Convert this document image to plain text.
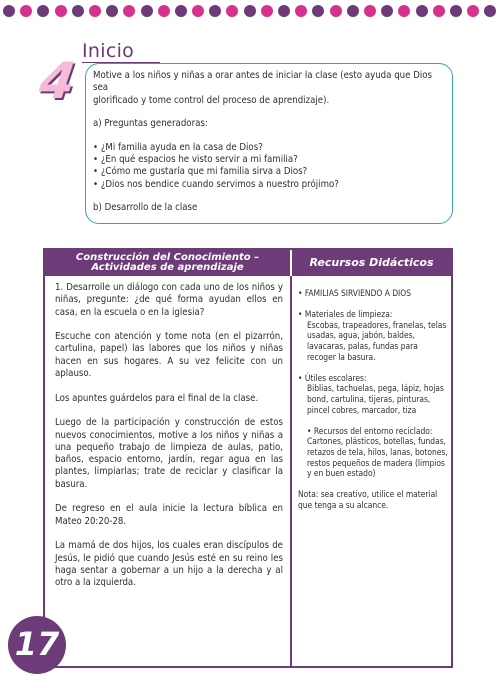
4
Inicio

Motive a los niños y niñas a orar antes de iniciar la clase (esto ayuda que Dios sea

glorificado y tome control del proceso de aprendizaje).

a) Preguntas generadoras:

• ¿Mi familia ayuda en la casa de Dios?
• ¿En qué espacios he visto servir a mi familia?
• ¿Cómo me gustaría que mi familia sirva a Dios?
• ¿Dios nos bendice cuando servimos a nuestro prójimo?

b) Desarrollo de la clase

Construcción del Conocimiento –
Actividades de aprendizaje	Recursos Didácticos

1. Desarrolle un diálogo con cada uno de los niños y niñas, pregunte: ¿de qué forma ayudan ellos en casa, en la escuela o en la iglesia?

Escuche con atención y tome nota (en el pizarrón, cartulina, papel) las labores que los niños y niñas hacen en sus hogares. A su vez felicite con un aplauso.

Los apuntes guárdelos para el final de la clase.

Luego de la participación y construcción de estos nuevos conocimientos, motive a los niños y niñas a una pequeño trabajo de limpieza de aulas, patio, baños, espacio entorno, jardín, regar agua en las plantes, limpiarlas; trate de reciclar y clasificar la basura.

De regreso en el aula inicie la lectura bíblica en Mateo 20:20-28.

La mamá de dos hijos, los cuales eran discípulos de Jesús, le pidió que cuando Jesús esté en su reino les haga sentar a gobernar a un hijo a la derecha y al otro a la izquierda.

• FAMILIAS SIRVIENDO A DIOS

• Materiales de limpieza:

Escobas, trapeadores, franelas, telas usadas, agua, jabón, baldes, lavacaras, palas, fundas para recoger la basura.

• Útiles escolares:

Biblias, tachuelas, pega, lápiz, hojas bond, cartulina, tijeras, pinturas, pincel cobres, marcador, tiza

• Recursos del entorno reciclado:

Cartones, plásticos, botellas, fundas, retazos de tela, hilos, lanas, botones, restos pequeños de madera (limpios y en buen estado)

Nota: sea creativo, utilice el material que tenga a su alcance.

17
